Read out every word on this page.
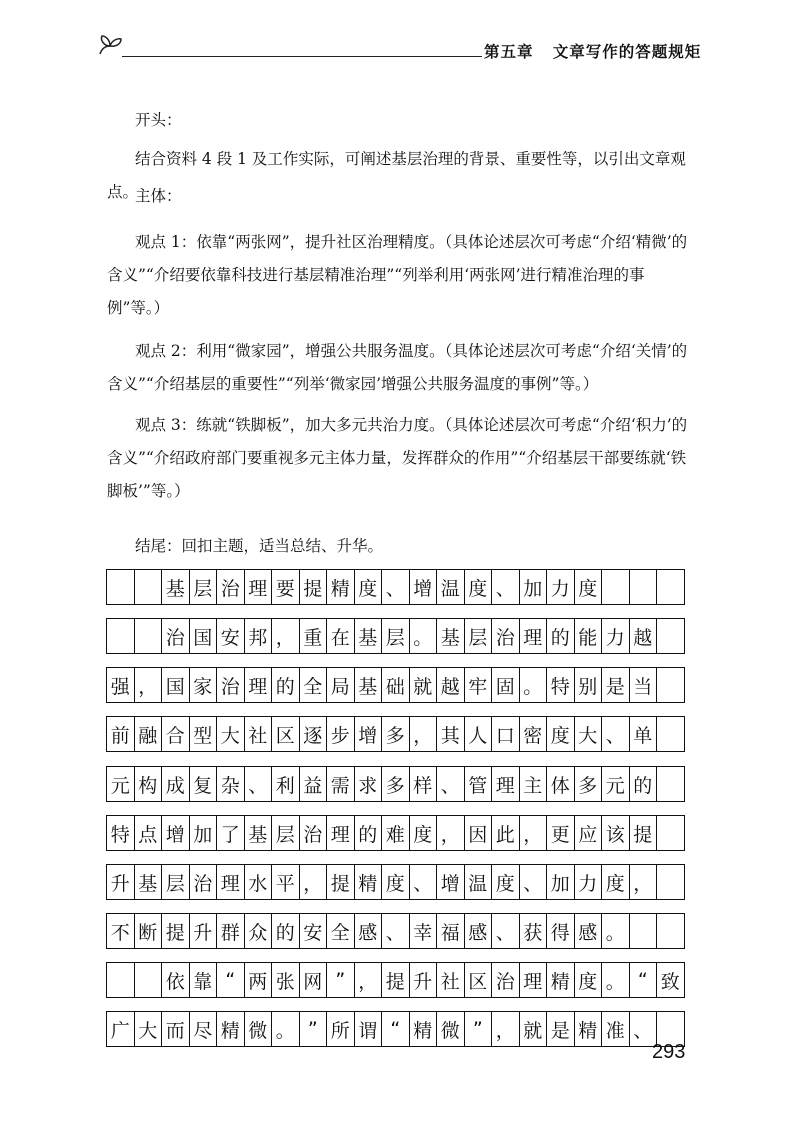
第五章 文章写作的答题规矩

开头：

结合资料 4 段 1 及工作实际，可阐述基层治理的背景、重要性等，以引出文章观点。

主体：

观点 1：依靠“两张网”，提升社区治理精度。（具体论述层次可考虑“介绍‘精微’的含义”“介绍要依靠科技进行基层精准治理”“列举利用‘两张网’进行精准治理的事例”等。）

观点 2：利用“微家园”，增强公共服务温度。（具体论述层次可考虑“介绍‘关情’的含义”“介绍基层的重要性”“列举‘微家园’增强公共服务温度的事例”等。）

观点 3：练就“铁脚板”，加大多元共治力度。（具体论述层次可考虑“介绍‘积力’的含义”“介绍政府部门要重视多元主体力量，发挥群众的作用”“介绍基层干部要练就‘铁脚板’”等。）

结尾：回扣主题，适当总结、升华。

基 层 治 理 要 提 精 度 、 增 温 度 、 加 力 度
治 国 安 邦 ， 重 在 基 层 。 基 层 治 理 的 能 力 越
强 ， 国 家 治 理 的 全 局 基 础 就 越 牢 固 。 特 别 是 当
前 融 合 型 大 社 区 逐 步 增 多 ， 其 人 口 密 度 大 、 单
元 构 成 复 杂 、 利 益 需 求 多 样 、 管 理 主 体 多 元 的
特 点 增 加 了 基 层 治 理 的 难 度 ， 因 此 ， 更 应 该 提
升 基 层 治 理 水 平 ， 提 精 度 、 增 温 度 、 加 力 度 ，
不 断 提 升 群 众 的 安 全 感 、 幸 福 感 、 获 得 感 。
依 靠 “ 两 张 网 ” ， 提 升 社 区 治 理 精 度 。 “ 致
广 大 而 尽 精 微 。 ” 所 谓 “ 精 微 ” ， 就 是 精 准 、
293
